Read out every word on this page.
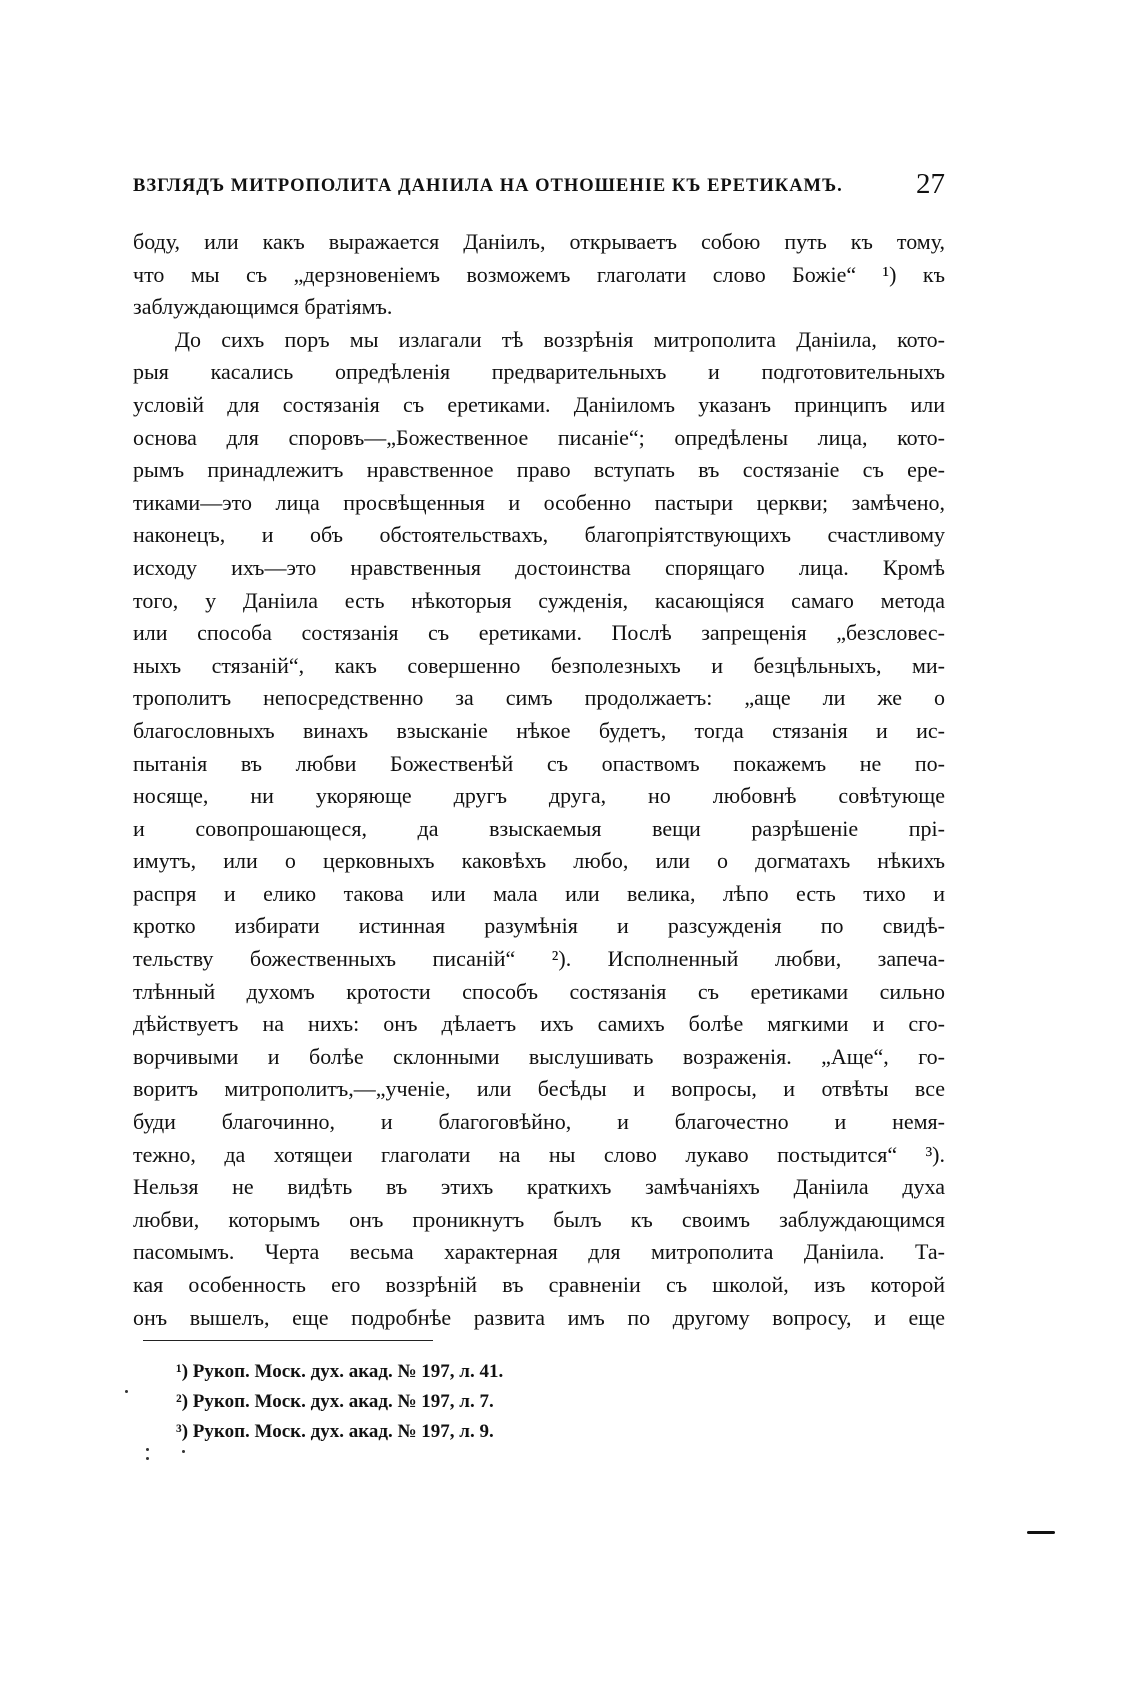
ВЗГЛЯДЪ МИТРОПОЛИТА ДАНІИЛА НА ОТНОШЕНІЕ КЪ ЕРЕТИКАМЪ.	27
боду, или какъ выражается Даніилъ, открываетъ собою путь къ тому,
что мы съ „дерзновеніемъ возможемъ глаголати слово Божіе“ ¹) къ
заблуждающимся братіямъ.
До сихъ поръ мы излагали тѣ воззрѣнія митрополита Даніила, кото-
рыя касались опредѣленія предварительныхъ и подготовительныхъ
условій для состязанія съ еретиками. Даніиломъ указанъ принципъ или
основа для споровъ—„Божественное писаніе“; опредѣлены лица, кото-
рымъ принадлежитъ нравственное право вступать въ состязаніе съ ере-
тиками—это лица просвѣщенныя и особенно пастыри церкви; замѣчено,
наконецъ, и объ обстоятельствахъ, благопріятствующихъ счастливому
исходу ихъ—это нравственныя достоинства спорящаго лица. Кромѣ
того, у Даніила есть нѣкоторыя сужденія, касающіяся самаго метода
или способа состязанія съ еретиками. Послѣ запрещенія „безсловес-
ныхъ стязаній“, какъ совершенно безполезныхъ и безцѣльныхъ, ми-
трополитъ непосредственно за симъ продолжаетъ: „аще ли же о
благословныхъ винахъ взысканіе нѣкое будетъ, тогда стязанія и ис-
пытанія въ любви Божественѣй съ опаствомъ покажемъ не по-
носяще, ни укоряюще другъ друга, но любовнѣ совѣтующе
и совопрошающеся, да взыскаемыя вещи разрѣшеніе прі-
имутъ, или о церковныхъ каковѣхъ любо, или о догматахъ нѣкихъ
распря и елико такова или мала или велика, лѣпо есть тихо и
кротко избирати истинная разумѣнія и разсужденія по свидѣ-
тельству божественныхъ писаній“ ²). Исполненный любви, запеча-
тлѣнный духомъ кротости способъ состязанія съ еретиками сильно
дѣйствуетъ на нихъ: онъ дѣлаетъ ихъ самихъ болѣе мягкими и сго-
ворчивыми и болѣе склонными выслушивать возраженія. „Аще“, го-
воритъ митрополитъ,—„ученіе, или бесѣды и вопросы, и отвѣты все
буди благочинно, и благоговѣйно, и благочестно и немя-
тежно, да хотящеи глаголати на ны слово лукаво постыдится“ ³).
Нельзя не видѣть въ этихъ краткихъ замѣчаніяхъ Даніила духа
любви, которымъ онъ проникнутъ былъ къ своимъ заблуждающимся
пасомымъ. Черта весьма характерная для митрополита Даніила. Та-
кая особенность его воззрѣній въ сравненіи съ школой, изъ которой
онъ вышелъ, еще подробнѣе развита имъ по другому вопросу, и еще
¹) Рукоп. Моск. дух. акад. № 197, л. 41.
²) Рукоп. Моск. дух. акад. № 197, л. 7.
³) Рукоп. Моск. дух. акад. № 197, л. 9.
